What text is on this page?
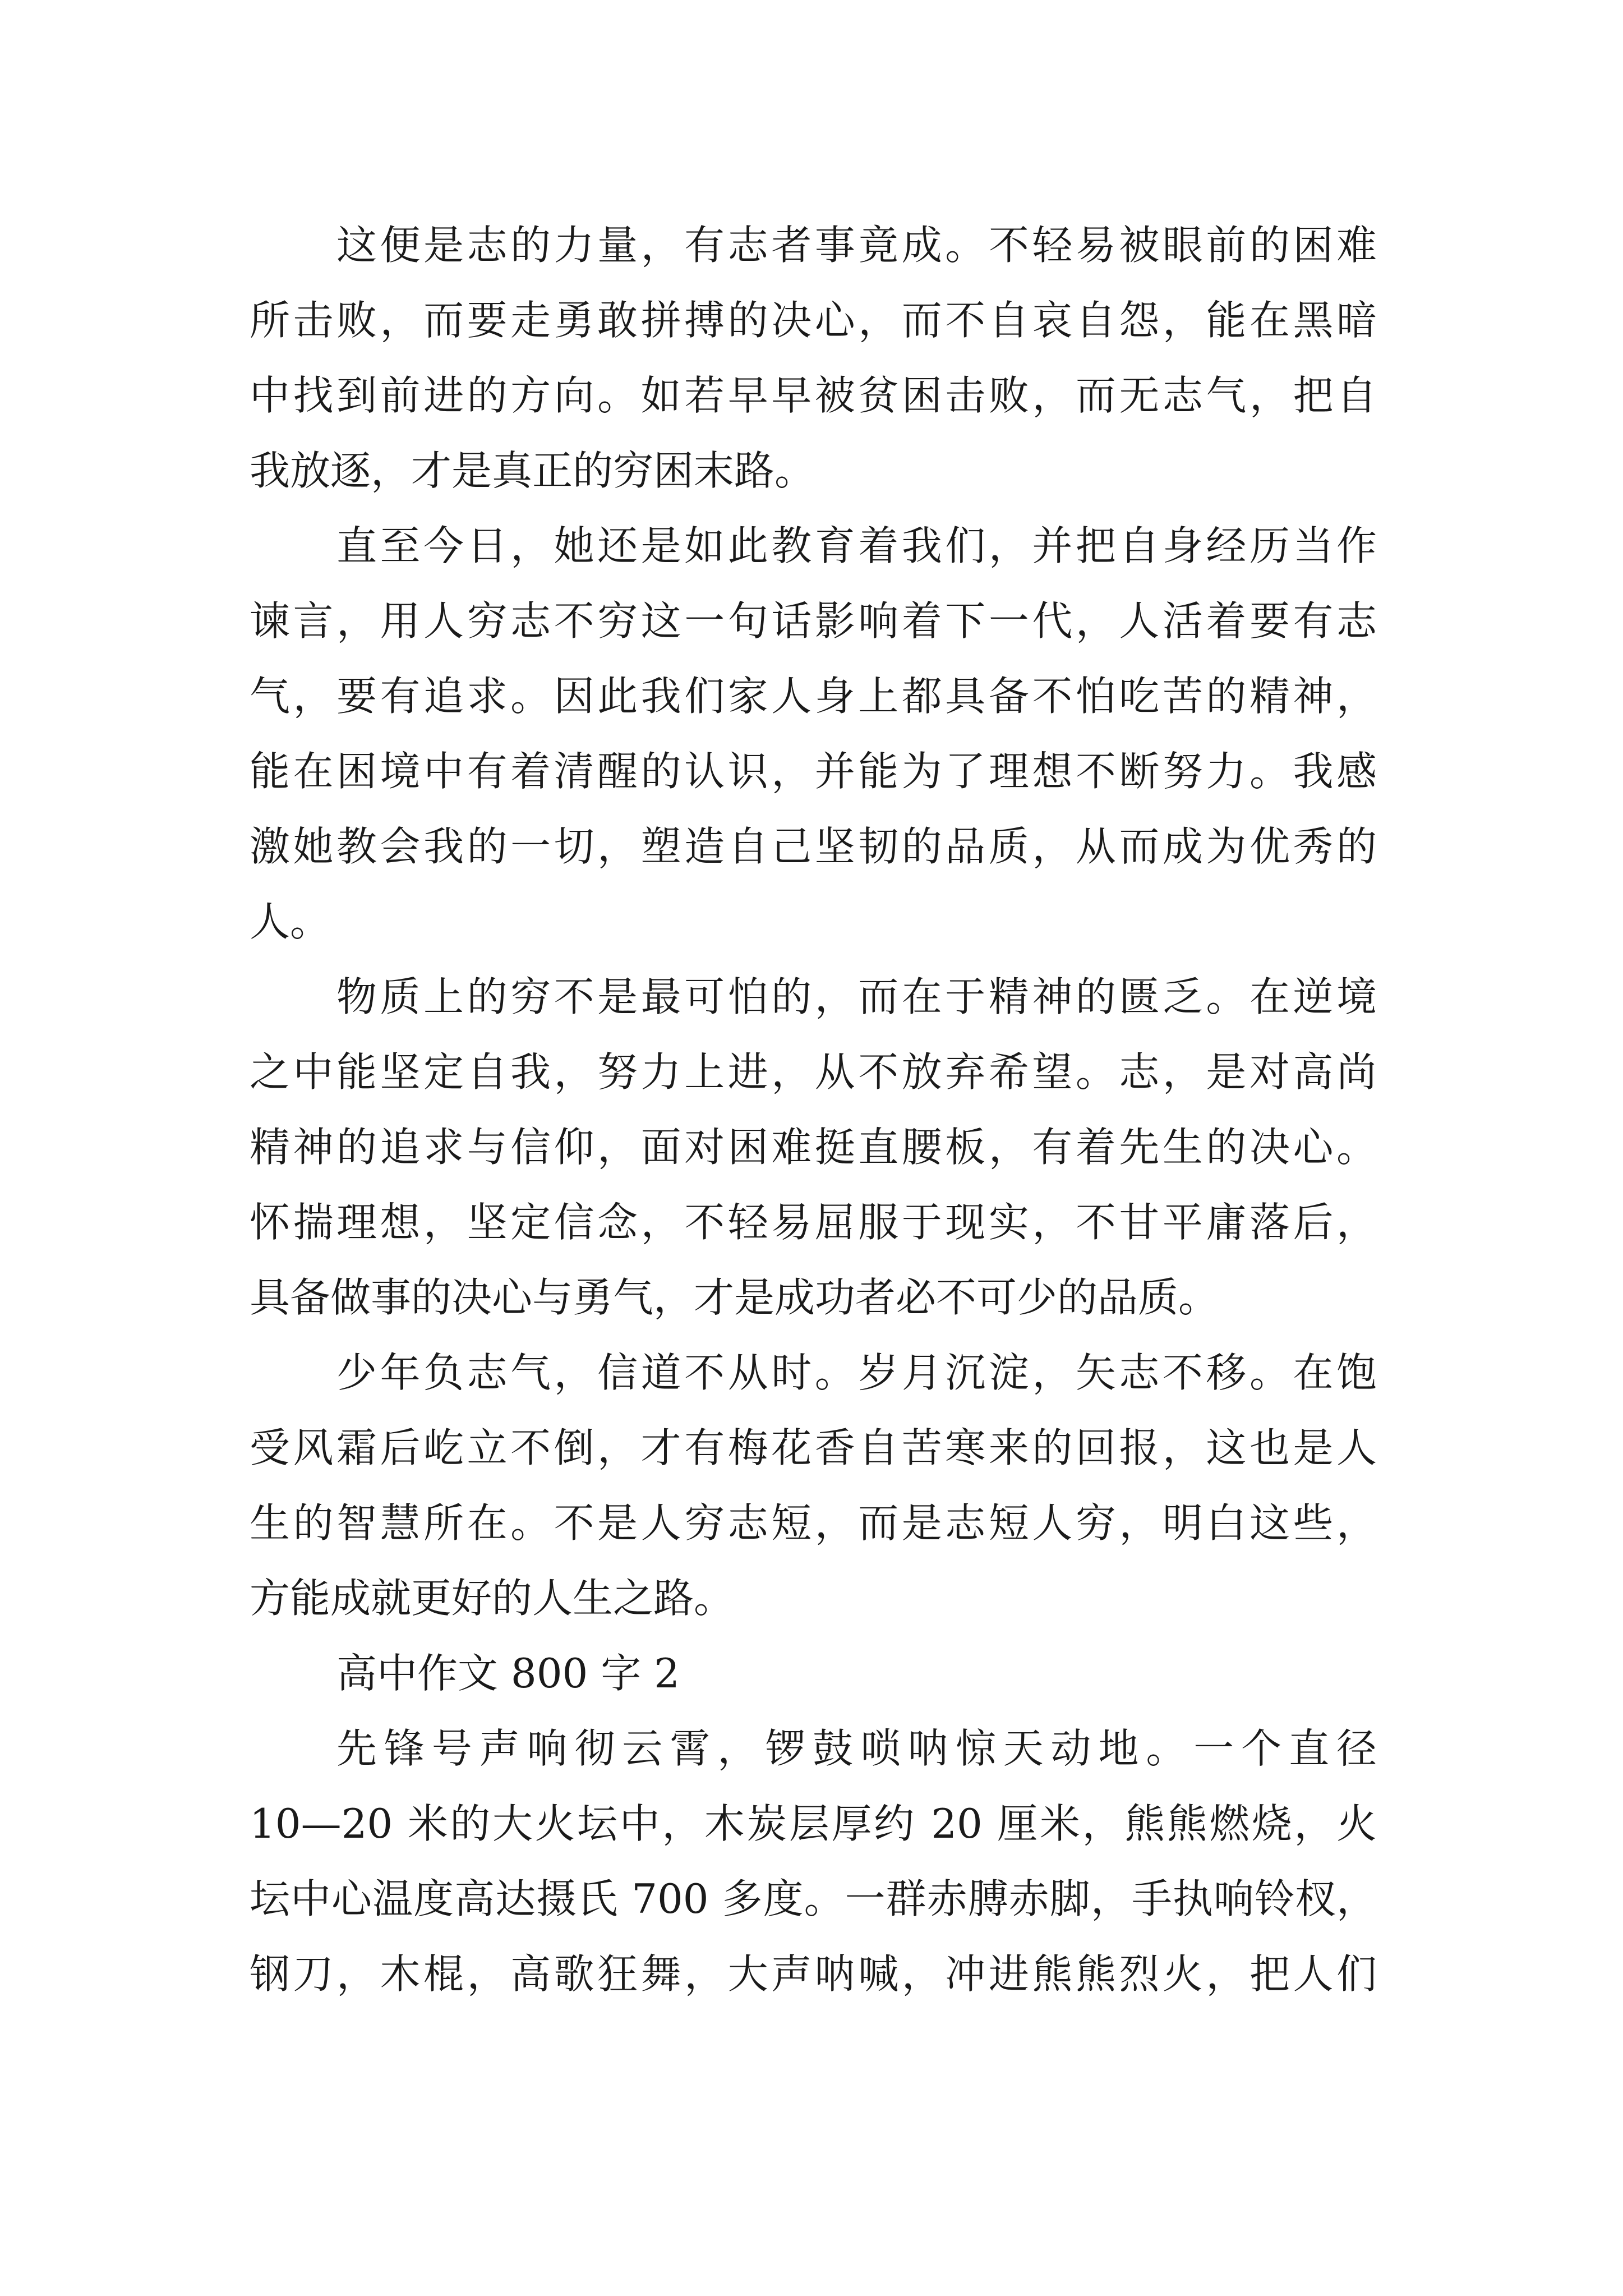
这便是志的力量，有志者事竟成。不轻易被眼前的困难
所击败，而要走勇敢拼搏的决心，而不自哀自怨，能在黑暗
中找到前进的方向。如若早早被贫困击败，而无志气，把自
我放逐，才是真正的穷困末路。
直至今日，她还是如此教育着我们，并把自身经历当作
谏言，用人穷志不穷这一句话影响着下一代，人活着要有志
气，要有追求。因此我们家人身上都具备不怕吃苦的精神，
能在困境中有着清醒的认识，并能为了理想不断努力。我感
激她教会我的一切，塑造自己坚韧的品质，从而成为优秀的
人。
物质上的穷不是最可怕的，而在于精神的匮乏。在逆境
之中能坚定自我，努力上进，从不放弃希望。志，是对高尚
精神的追求与信仰，面对困难挺直腰板，有着先生的决心。
怀揣理想，坚定信念，不轻易屈服于现实，不甘平庸落后，
具备做事的决心与勇气，才是成功者必不可少的品质。
少年负志气，信道不从时。岁月沉淀，矢志不移。在饱
受风霜后屹立不倒，才有梅花香自苦寒来的回报，这也是人
生的智慧所在。不是人穷志短，而是志短人穷，明白这些，
方能成就更好的人生之路。
高中作文 800 字 2
先锋号声响彻云霄，锣鼓唢呐惊天动地。一个直径
10—20 米的大火坛中，木炭层厚约 20 厘米，熊熊燃烧，火
坛中心温度高达摄氏 700 多度。一群赤膊赤脚，手执响铃杈，
钢刀，木棍，高歌狂舞，大声呐喊，冲进熊熊烈火，把人们
